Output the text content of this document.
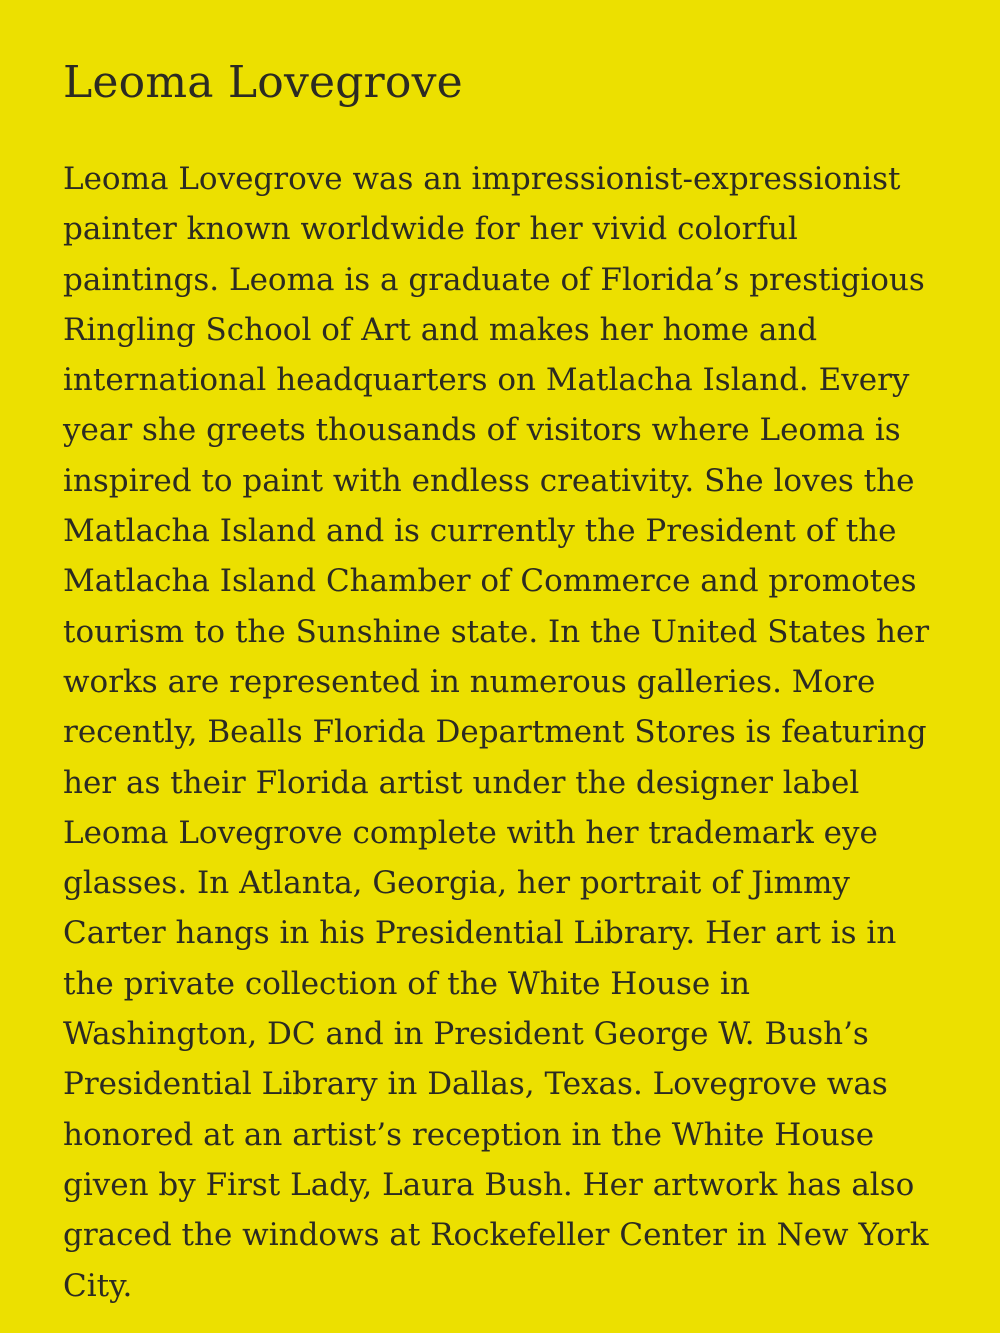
Leoma Lovegrove

Leoma Lovegrove was an impressionist-expressionist
painter known worldwide for her vivid colorful
paintings. Leoma is a graduate of Florida’s prestigious
Ringling School of Art and makes her home and
international headquarters on Matlacha Island. Every
year she greets thousands of visitors where Leoma is
inspired to paint with endless creativity. She loves the
Matlacha Island and is currently the President of the
Matlacha Island Chamber of Commerce and promotes
tourism to the Sunshine state. In the United States her
works are represented in numerous galleries. More
recently, Bealls Florida Department Stores is featuring
her as their Florida artist under the designer label
Leoma Lovegrove complete with her trademark eye
glasses. In Atlanta, Georgia, her portrait of Jimmy
Carter hangs in his Presidential Library. Her art is in
the private collection of the White House in
Washington, DC and in President George W. Bush’s
Presidential Library in Dallas, Texas. Lovegrove was
honored at an artist’s reception in the White House
given by First Lady, Laura Bush. Her artwork has also
graced the windows at Rockefeller Center in New York
City.
